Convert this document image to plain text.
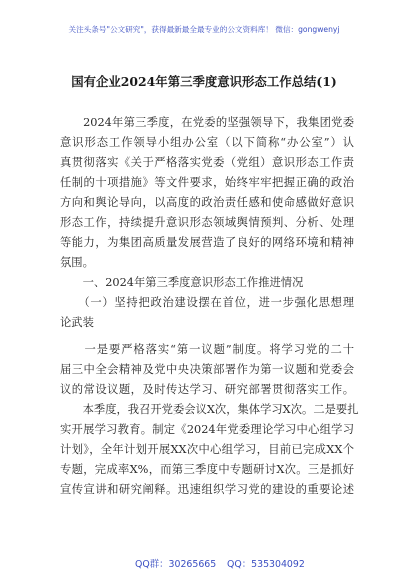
关注头条号"公文研究"，获得最新最全最专业的公文资料库！ 微信：gongwenyj
国有企业2024年第三季度意识形态工作总结(1)
　　2024年第三季度，在党委的坚强领导下，我集团党委
意识形态工作领导小组办公室（以下简称“办公室”）认
真贯彻落实《关于严格落实党委（党组）意识形态工作责
任制的十项措施》等文件要求，始终牢牢把握正确的政治
方向和舆论导向，以高度的政治责任感和使命感做好意识
形态工作，持续提升意识形态领域舆情预判、分析、处理
等能力，为集团高质量发展营造了良好的网络环境和精神
氛围。
　　一、2024年第三季度意识形态工作推进情况
　　（一）坚持把政治建设摆在首位，进一步强化思想理
论武装
　　一是要严格落实“第一议题”制度。将学习党的二十
届三中全会精神及党中央决策部署作为第一议题和党委会
议的常设议题，及时传达学习、研究部署贯彻落实工作。
　　本季度，我召开党委会议X次，集体学习X次。二是要扎
实开展学习教育。制定《2024年党委理论学习中心组学习
计划》，全年计划开展XX次中心组学习，目前已完成XX个
专题，完成率X%，而第三季度中专题研讨X次。三是抓好
宣传宣讲和研究阐释。迅速组织学习党的建设的重要论述
QQ群：30265665 QQ：535304092
